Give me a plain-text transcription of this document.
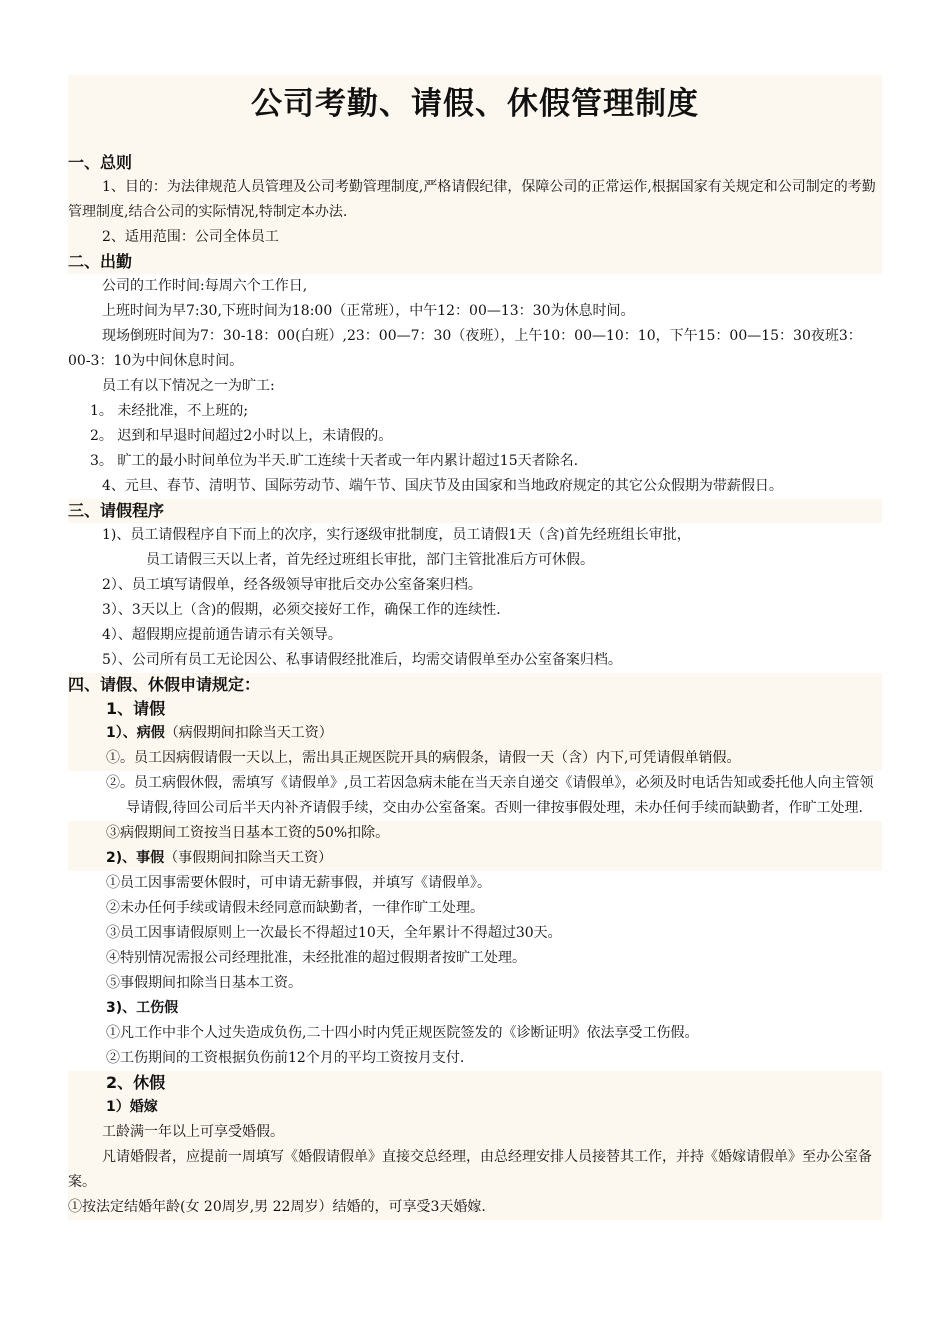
公司考勤、请假、休假管理制度
一、总则

1、目的：为法律规范人员管理及公司考勤管理制度,严格请假纪律，保障公司的正常运作,根据国家有关规定和公司制定的考勤管理制度,结合公司的实际情况,特制定本办法.

2、适用范围：公司全体员工

二、出勤

公司的工作时间:每周六个工作日,

上班时间为早7:30,下班时间为18:00（正常班），中午12：00—13：30为休息时间。

现场倒班时间为7：30-18：00(白班）,23：00—7：30（夜班），上午10：00—10：10，下午15：00—15：30夜班3：00-3：10为中间休息时间。

员工有以下情况之一为旷工:

1。 未经批准，不上班的;

2。 迟到和早退时间超过2小时以上，未请假的。

3。 旷工的最小时间单位为半天.旷工连续十天者或一年内累计超过15天者除名.

4、元旦、春节、清明节、国际劳动节、端午节、国庆节及由国家和当地政府规定的其它公众假期为带薪假日。

三、请假程序

1)、员工请假程序自下而上的次序，实行逐级审批制度，员工请假1天（含)首先经班组长审批，

员工请假三天以上者，首先经过班组长审批，部门主管批准后方可休假。

2）、员工填写请假单，经各级领导审批后交办公室备案归档。

3）、3天以上（含)的假期，必须交接好工作，确保工作的连续性.

4）、超假期应提前通告请示有关领导。

5）、公司所有员工无论因公、私事请假经批准后，均需交请假单至办公室备案归档。

四、请假、休假申请规定：
1、请假
1）、病假（病假期间扣除当天工资）

①。员工因病假请假一天以上，需出具正规医院开具的病假条，请假一天（含）内下,可凭请假单销假。

②。员工病假休假，需填写《请假单》,员工若因急病未能在当天亲自递交《请假单》，必须及时电话告知或委托他人向主管领导请假,待回公司后半天内补齐请假手续，交由办公室备案。否则一律按事假处理，未办任何手续而缺勤者，作旷工处理.

③病假期间工资按当日基本工资的50%扣除。

2)、事假（事假期间扣除当天工资）

①员工因事需要休假时，可申请无薪事假，并填写《请假单》。

②未办任何手续或请假未经同意而缺勤者，一律作旷工处理。

③员工因事请假原则上一次最长不得超过10天，全年累计不得超过30天。

④特别情况需报公司经理批准，未经批准的超过假期者按旷工处理。

⑤事假期间扣除当日基本工资。

3)、工伤假

①凡工作中非个人过失造成负伤,二十四小时内凭正规医院签发的《诊断证明》依法享受工伤假。

②工伤期间的工资根据负伤前12个月的平均工资按月支付.

2、休假
1）婚嫁

工龄满一年以上可享受婚假。

凡请婚假者，应提前一周填写《婚假请假单》直接交总经理，由总经理安排人员接替其工作，并持《婚嫁请假单》至办公室备案。

①按法定结婚年龄(女 20周岁,男 22周岁）结婚的，可享受3天婚嫁.
